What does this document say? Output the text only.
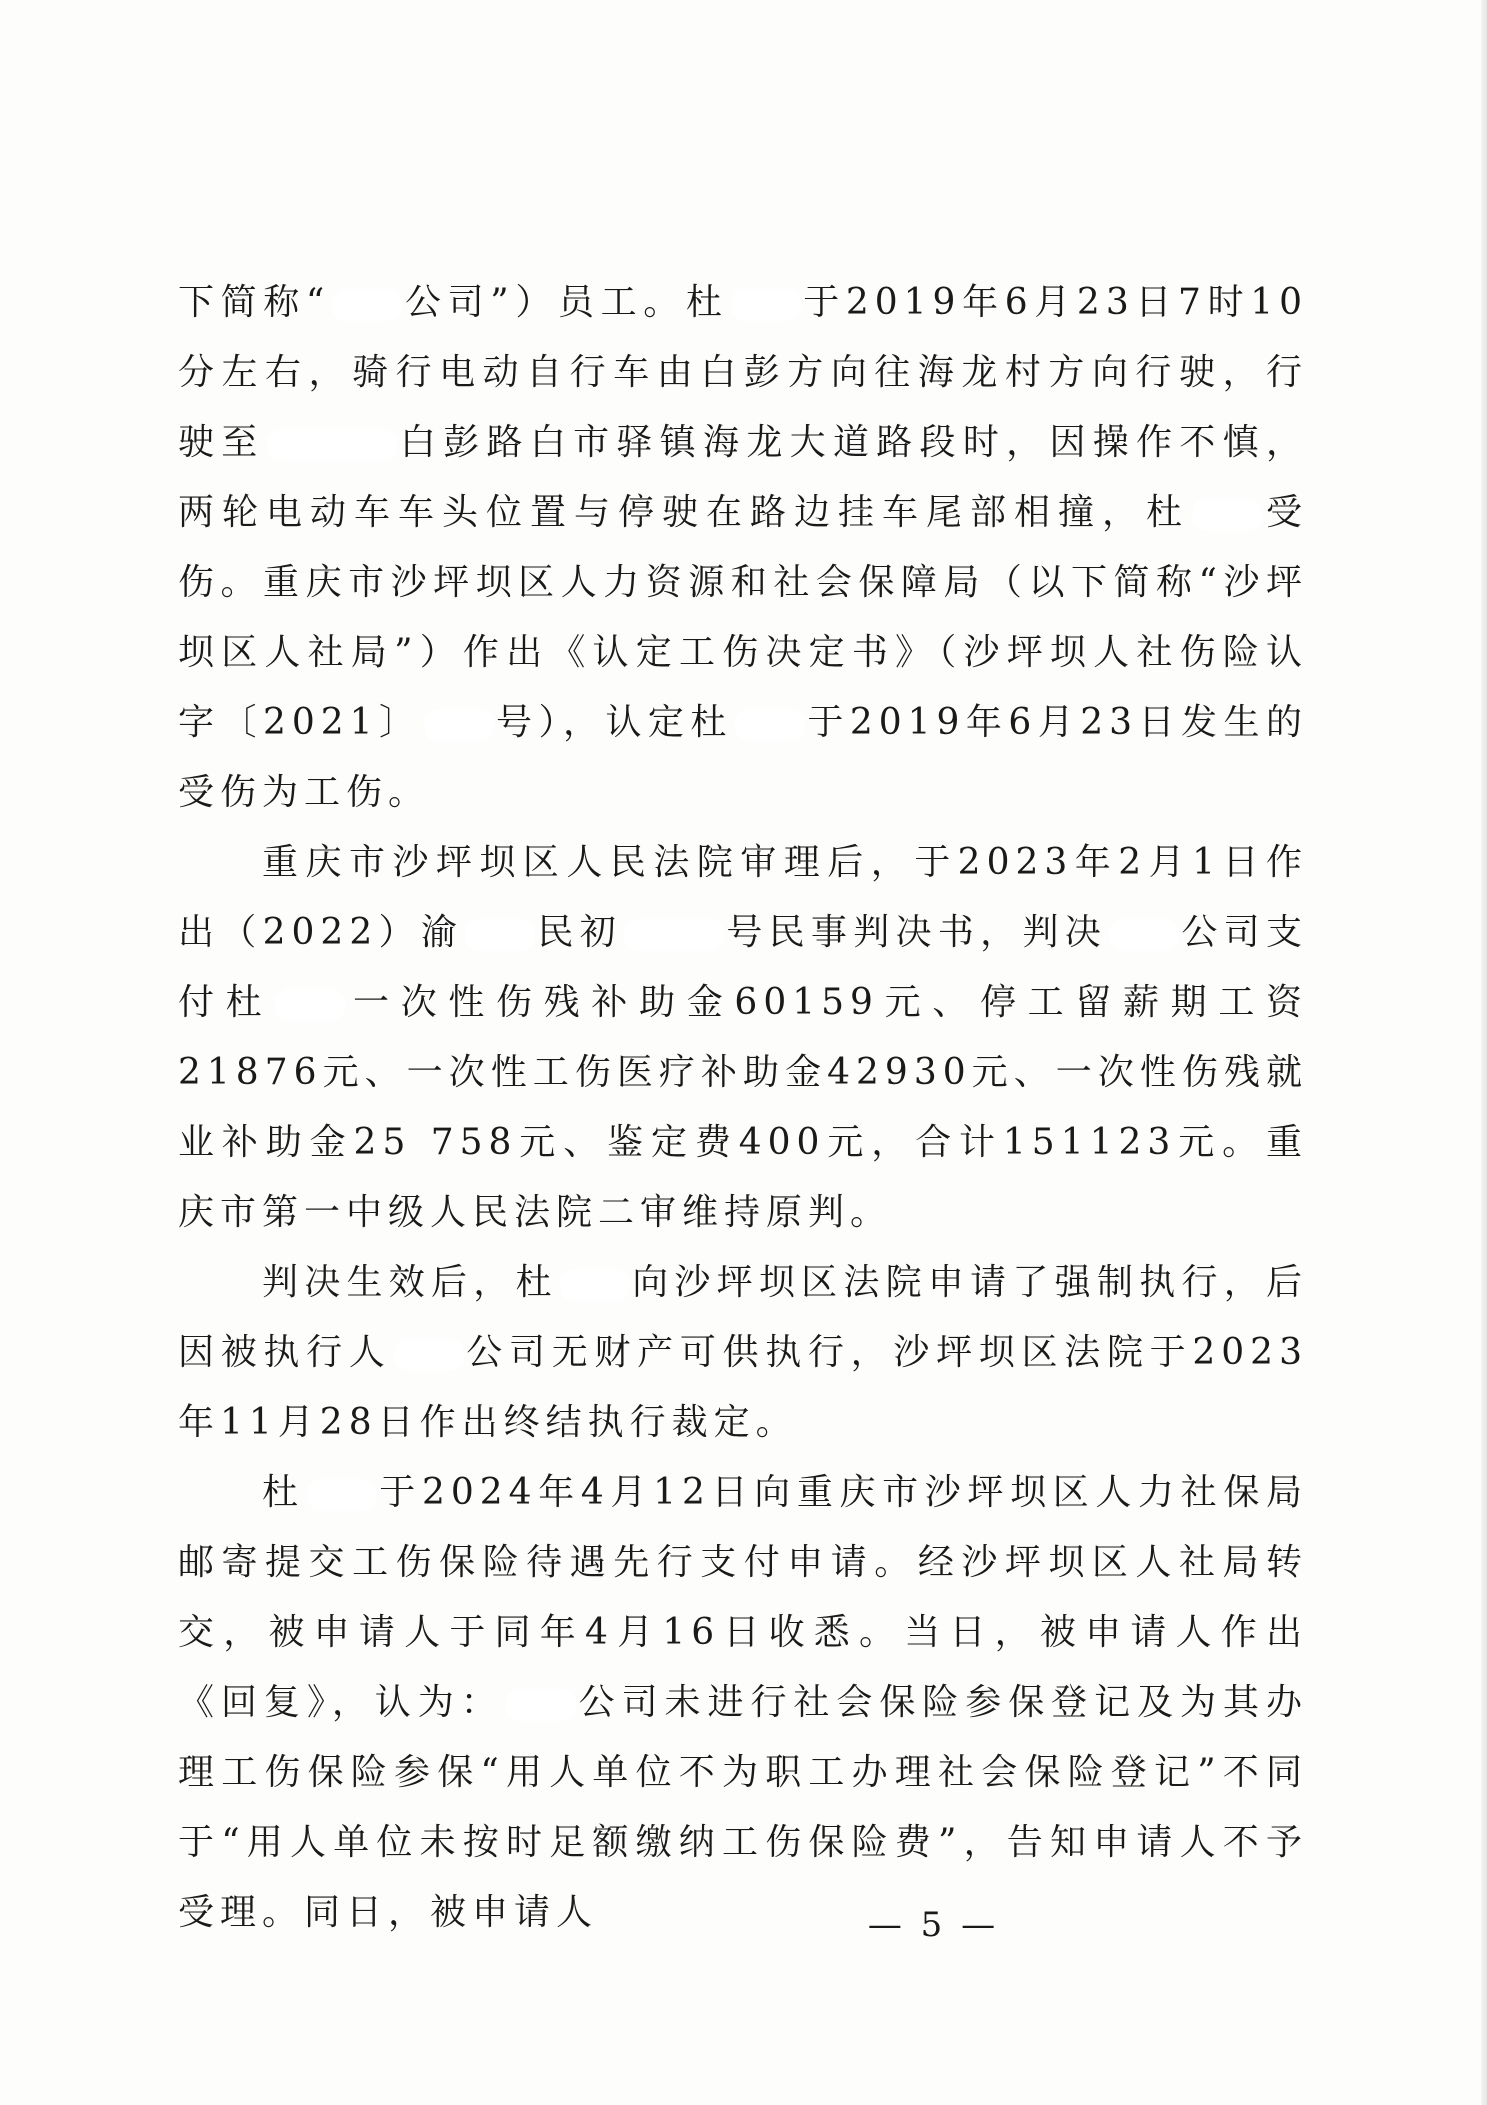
下简称“ 公司”）员工。杜 于2019年6月23日7时10分左右，骑行电动自行车由白彭方向往海龙村方向行驶，行驶至	白彭路白市驿镇海龙大道路段时，因操作不慎，两轮电动车车头位置与停驶在路边挂车尾部相撞，杜 受伤。重庆市沙坪坝区人力资源和社会保障局（以下简称“沙坪坝区人社局”）作出《认定工伤决定书》（沙坪坝人社伤险认字〔2021〕 号），认定杜 于2019年6月23日发生的受伤为工伤。

重庆市沙坪坝区人民法院审理后，于2023年2月1日作出（2022）渝 民初	号民事判决书，判决 公司支付杜 一次性伤残补助金60159元、停工留薪期工资21876元、一次性工伤医疗补助金42930元、一次性伤残就业补助金25 758元、鉴定费400元，合计151123元。重庆市第一中级人民法院二审维持原判。

判决生效后，杜 向沙坪坝区法院申请了强制执行，后因被执行人 公司无财产可供执行，沙坪坝区法院于2023年11月28日作出终结执行裁定。

杜 于2024年4月12日向重庆市沙坪坝区人力社保局邮寄提交工伤保险待遇先行支付申请。经沙坪坝区人社局转交，被申请人于同年4月16日收悉。当日，被申请人作出《回复》，认为： 公司未进行社会保险参保登记及为其办理工伤保险参保“用人单位不为职工办理社会保险登记”不同于“用人单位未按时足额缴纳工伤保险费”，告知申请人不予受理。同日，被申请人	— 5 —
